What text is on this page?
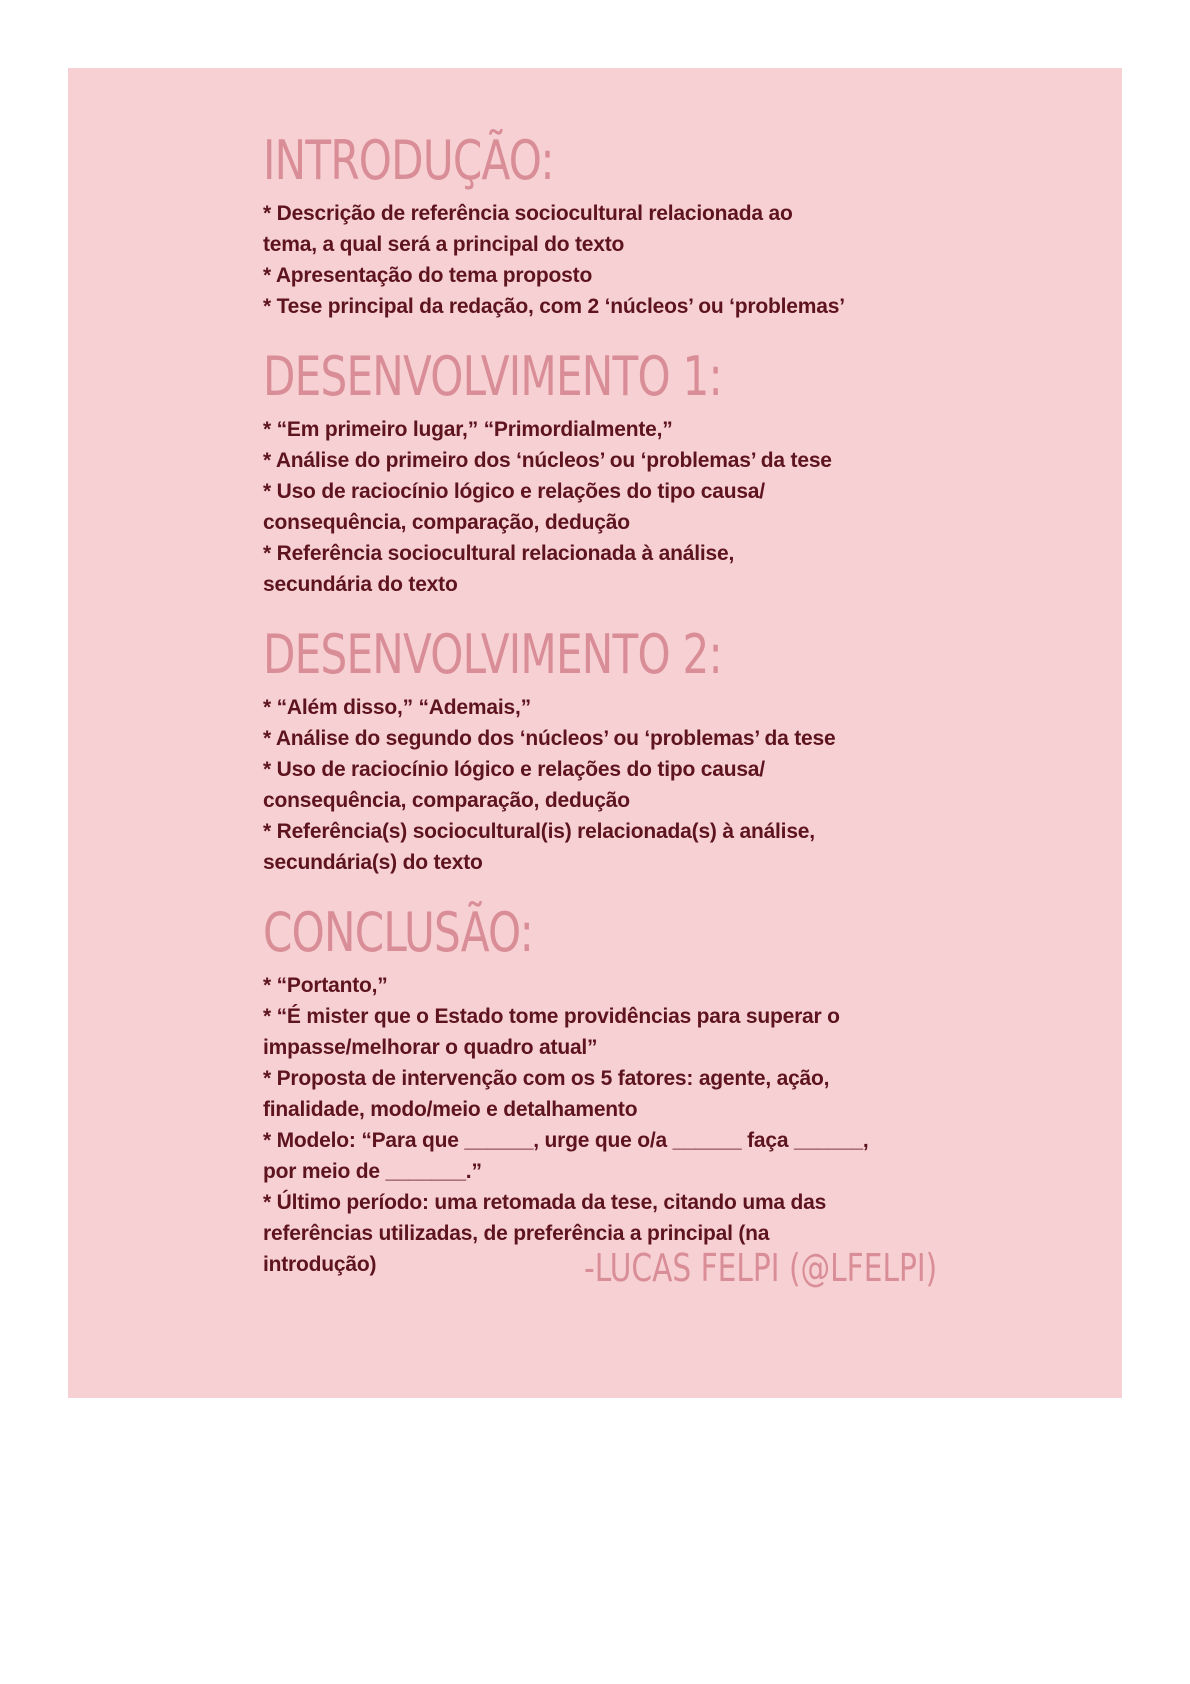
INTRODUÇÃO:
* Descrição de referência sociocultural relacionada ao
tema, a qual será a principal do texto
* Apresentação do tema proposto
* Tese principal da redação, com 2 ‘núcleos’ ou ‘problemas’
DESENVOLVIMENTO 1:
* “Em primeiro lugar,” “Primordialmente,”
* Análise do primeiro dos ‘núcleos’ ou ‘problemas’ da tese
* Uso de raciocínio lógico e relações do tipo causa/
consequência, comparação, dedução
* Referência sociocultural relacionada à análise,
secundária do texto
DESENVOLVIMENTO 2:
* “Além disso,” “Ademais,”
* Análise do segundo dos ‘núcleos’ ou ‘problemas’ da tese
* Uso de raciocínio lógico e relações do tipo causa/
consequência, comparação, dedução
* Referência(s) sociocultural(is) relacionada(s) à análise,
secundária(s) do texto
CONCLUSÃO:
* “Portanto,”
* “É mister que o Estado tome providências para superar o
impasse/melhorar o quadro atual”
* Proposta de intervenção com os 5 fatores: agente, ação,
finalidade, modo/meio e detalhamento
* Modelo: “Para que ______, urge que o/a ______ faça ______,
por meio de _______.”
* Último período: uma retomada da tese, citando uma das
referências utilizadas, de preferência a principal (na
introdução)	-LUCAS FELPI (@LFELPI)
